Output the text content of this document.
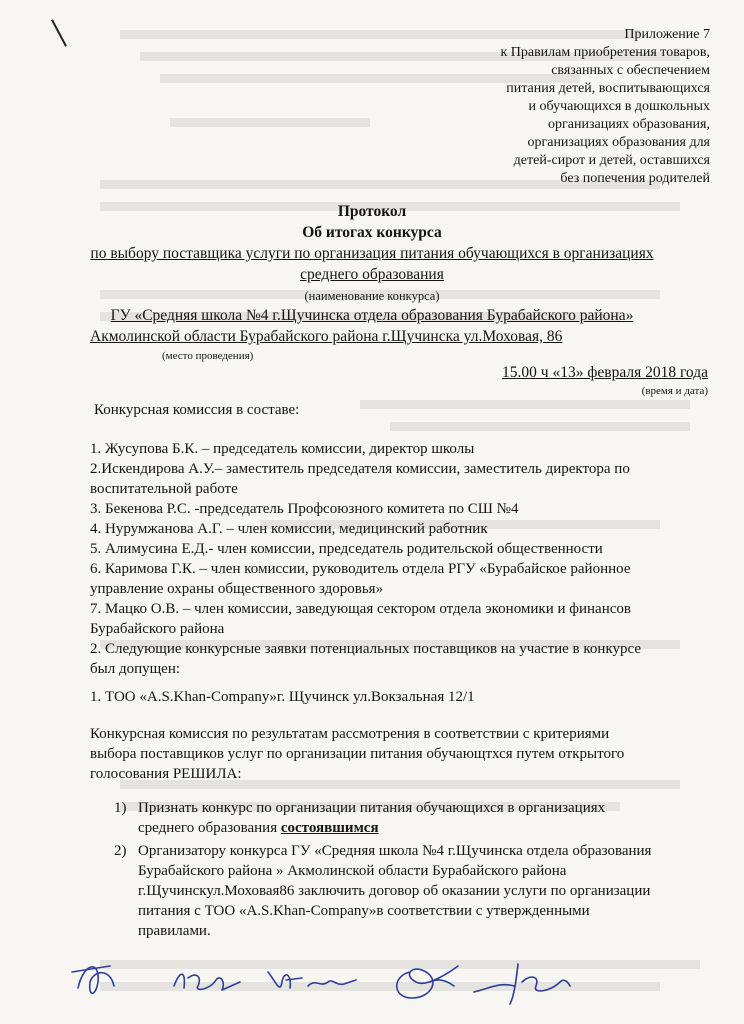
Приложение 7
к Правилам приобретения товаров,
связанных с обеспечением
питания детей, воспитывающихся
и обучающихся в дошкольных
организациях образования,
организациях образования для
детей-сирот и детей, оставшихся
без попечения родителей
Протокол
Об итогах конкурса
по выбору поставщика услуги по организация питания обучающихся в организациях
среднего образования
(наименование конкурса)
ГУ «Средняя школа №4 г.Щучинска отдела образования Бурабайского района»
Акмолинской области Бурабайского района г.Щучинска ул.Моховая, 86
(место проведения)
15.00 ч «13» февраля 2018 года
(время и дата)
Конкурсная комиссия в составе:
1. Жусупова Б.К. – председатель комиссии, директор школы
2.Искендирова А.У.– заместитель председателя комиссии, заместитель директора по
воспитательной работе
3. Бекенова Р.С. -председатель Профсоюзного комитета по СШ №4
4. Нурумжанова А.Г. – член комиссии, медицинский работник
5. Алимусина Е.Д.- член комиссии, председатель родительской общественности
6. Каримова Г.К. – член комиссии, руководитель отдела РГУ «Бурабайское районное
управление охраны общественного здоровья»
7. Мацко О.В. – член комиссии, заведующая сектором отдела экономики и финансов
Бурабайского района
2. Следующие конкурсные заявки потенциальных поставщиков на участие в конкурсе
был допущен:
1. ТОО «A.S.Khan-Company»г. Щучинск ул.Вокзальная 12/1
Конкурсная комиссия по результатам рассмотрения в соответствии с критериями
выбора поставщиков услуг по организации питания обучающтхся путем открытого
голосования РЕШИЛА:
1) Признать конкурс по организации питания обучающихся в организациях
среднего образования состоявшимся
2) Организатору конкурса ГУ «Средняя школа №4 г.Щучинска отдела образования
Бурабайского района » Акмолинской области Бурабайского района
г.Щучинскул.Моховая86 заключить договор об оказании услуги по организации
питания с ТОО «A.S.Khan-Company»в соответствии с утвержденными
правилами.
